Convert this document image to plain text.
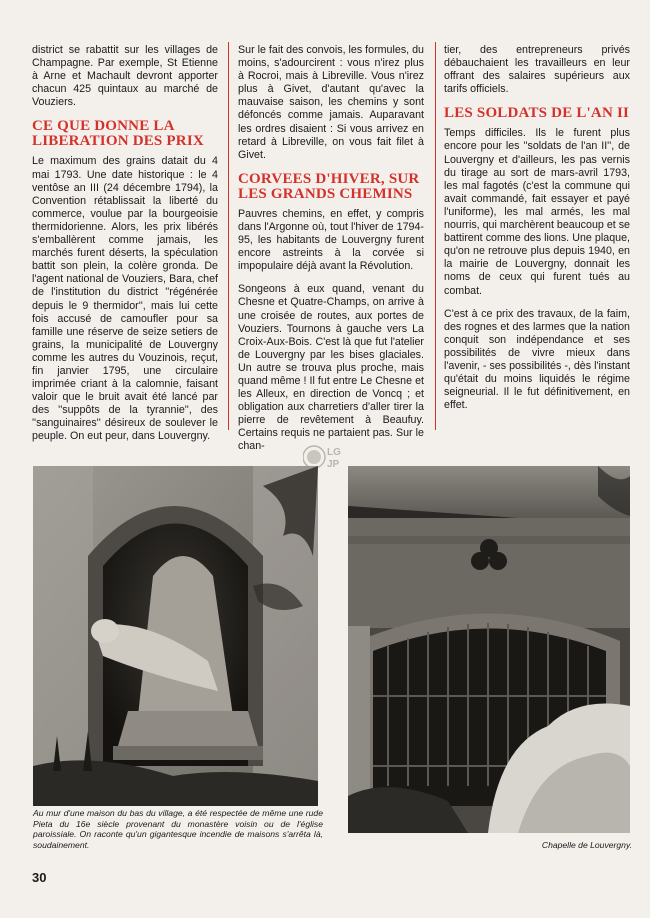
district se rabattit sur les villages de Champagne. Par exemple, St Etienne à Arne et Machault devront apporter chacun 425 quintaux au marché de Vouziers.

CE QUE DONNE LA LIBERATION DES PRIX

Le maximum des grains datait du 4 mai 1793. Une date historique : le 4 ventôse an III (24 décembre 1794), la Convention rétablissait la liberté du commerce, voulue par la bourgeoisie thermidorienne. Alors, les prix libérés s'emballèrent comme jamais, les marchés furent déserts, la spéculation battit son plein, la colère gronda. De l'agent national de Vouziers, Bara, chef de l'institution du district ''régénérée depuis le 9 thermidor'', mais lui cette fois accusé de camoufler pour sa famille une réserve de seize setiers de grains, la municipalité de Louvergny comme les autres du Vouzinois, reçut, fin janvier 1795, une circulaire imprimée criant à la calomnie, faisant valoir que le bruit avait été lancé par des ''suppôts de la tyrannie'', des ''sanguinaires'' désireux de soulever le peuple. On eut peur, dans Louvergny.

Sur le fait des convois, les formules, du moins, s'adourcirent : vous n'irez plus à Rocroi, mais à Libreville. Vous n'irez plus à Givet, d'autant qu'avec la mauvaise saison, les chemins y sont défoncés comme jamais. Auparavant les ordres disaient : Si vous arrivez en retard à Libreville, on vous fait filet à Givet.

CORVEES D'HIVER, SUR LES GRANDS CHEMINS

Pauvres chemins, en effet, y compris dans l'Argonne où, tout l'hiver de 1794-95, les habitants de Louvergny furent encore astreints à la corvée si impopulaire déjà avant la Révolution.

Songeons à eux quand, venant du Chesne et Quatre-Champs, on arrive à une croisée de routes, aux portes de Vouziers. Tournons à gauche vers La Croix-Aux-Bois. C'est là que fut l'atelier de Louvergny par les bises glaciales. Un autre se trouva plus proche, mais quand même ! Il fut entre Le Chesne et les Alleux, en direction de Voncq ; et obligation aux charretiers d'aller tirer la pierre de revêtement à Beaufuy. Certains requis ne partaient pas. Sur le chan-

tier, des entrepreneurs privés débauchaient les travailleurs en leur offrant des salaires supérieurs aux tarifs officiels.

LES SOLDATS DE L'AN II

Temps difficiles. Ils le furent plus encore pour les ''soldats de l'an II'', de Louvergny et d'ailleurs, les pas vernis du tirage au sort de mars-avril 1793, les mal fagotés (c'est la commune qui avait commandé, fait essayer et payé l'uniforme), les mal armés, les mal nourris, qui marchèrent beaucoup et se battirent comme des lions. Une plaque, qu'on ne retrouve plus depuis 1940, en la mairie de Louvergny, donnait les noms de ceux qui furent tués au combat.

C'est à ce prix des travaux, de la faim, des rognes et des larmes que la nation conquit son indépendance et ses possibilités de vivre mieux dans l'avenir, - ses possibilités -, dès l'instant qu'était du moins liquidés le régime seigneurial. Il le fut définitivement, en effet.

LG
JP
Au mur d'une maison du bas du village, a été respectée de même une rude Pieta du 16e siècle provenant du monastère voisin ou de l'église paroissiale. On raconte qu'un gigantesque incendie de maisons s'arrêta là, soudainement.	Chapelle de Louvergny.
30
